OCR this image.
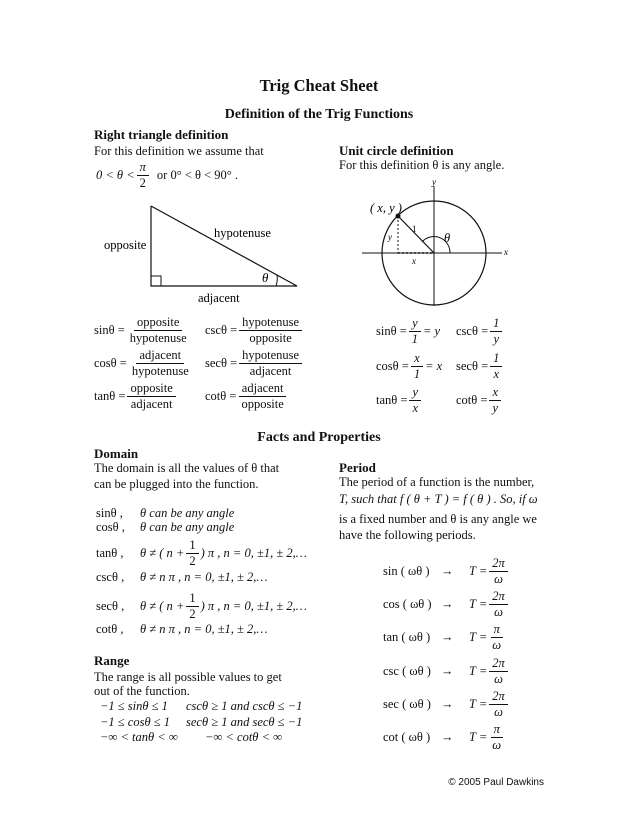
Trig Cheat Sheet
Definition of the Trig Functions
Right triangle definition
For this definition we assume that
$0 < \theta < \frac{\pi}{2}$ or 0° < θ < 90° .
hypotenuse
opposite
adjacent
θ
$\sin\theta = \frac{\text{opposite}}{\text{hypotenuse}}$ $\csc\theta = \frac{\text{hypotenuse}}{\text{opposite}}$
$\cos\theta = \frac{\text{adjacent}}{\text{hypotenuse}}$ $\sec\theta = \frac{\text{hypotenuse}}{\text{adjacent}}$
$\tan\theta = \frac{\text{opposite}}{\text{adjacent}}$ $\cot\theta = \frac{\text{adjacent}}{\text{opposite}}$
Unit circle definition
For this definition θ is any angle.
( x, y )
1
y
x
θ
x
y
$\sin\theta = \frac{y}{1} = y$ $\csc\theta = \frac{1}{y}$
$\cos\theta = \frac{x}{1} = x$ $\sec\theta = \frac{1}{x}$
$\tan\theta = \frac{y}{x}$	$\cot\theta = \frac{x}{y}$
Facts and Properties
Domain
The domain is all the values of θ that
can be plugged into the function.
sinθ ,	θ can be any angle
cosθ ,	θ can be any angle
tanθ ,	θ ≠ ( $n + \frac{1}{2}$ ) π , n = 0, ±1, ± 2,…
cscθ ,	θ ≠ n π , n = 0, ±1, ± 2,…
secθ ,	θ ≠ ( $n + \frac{1}{2}$ ) π , n = 0, ±1, ± 2,…
cotθ ,	θ ≠ n π , n = 0, ±1, ± 2,…
Range
The range is all possible values to get
out of the function.
−1 ≤ sinθ ≤ 1 cscθ ≥ 1 and cscθ ≤ −1
−1 ≤ cosθ ≤ 1 secθ ≥ 1 and secθ ≤ −1
−∞ < tanθ < ∞ −∞ < cotθ < ∞
Period
The period of a function is the number,
T, such that f ( θ + T ) = f ( θ ) . So, if ω
is a fixed number and θ is any angle we
have the following periods.
sin ( ωθ ) →	$T = \frac{2\pi}{\omega}$
cos ( ωθ ) →	$T = \frac{2\pi}{\omega}$
tan ( ωθ ) →	$T = \frac{\pi}{\omega}$
csc ( ωθ ) →	$T = \frac{2\pi}{\omega}$
sec ( ωθ ) →	$T = \frac{2\pi}{\omega}$
cot ( ωθ ) →	$T = \frac{\pi}{\omega}$
© 2005 Paul Dawkins
